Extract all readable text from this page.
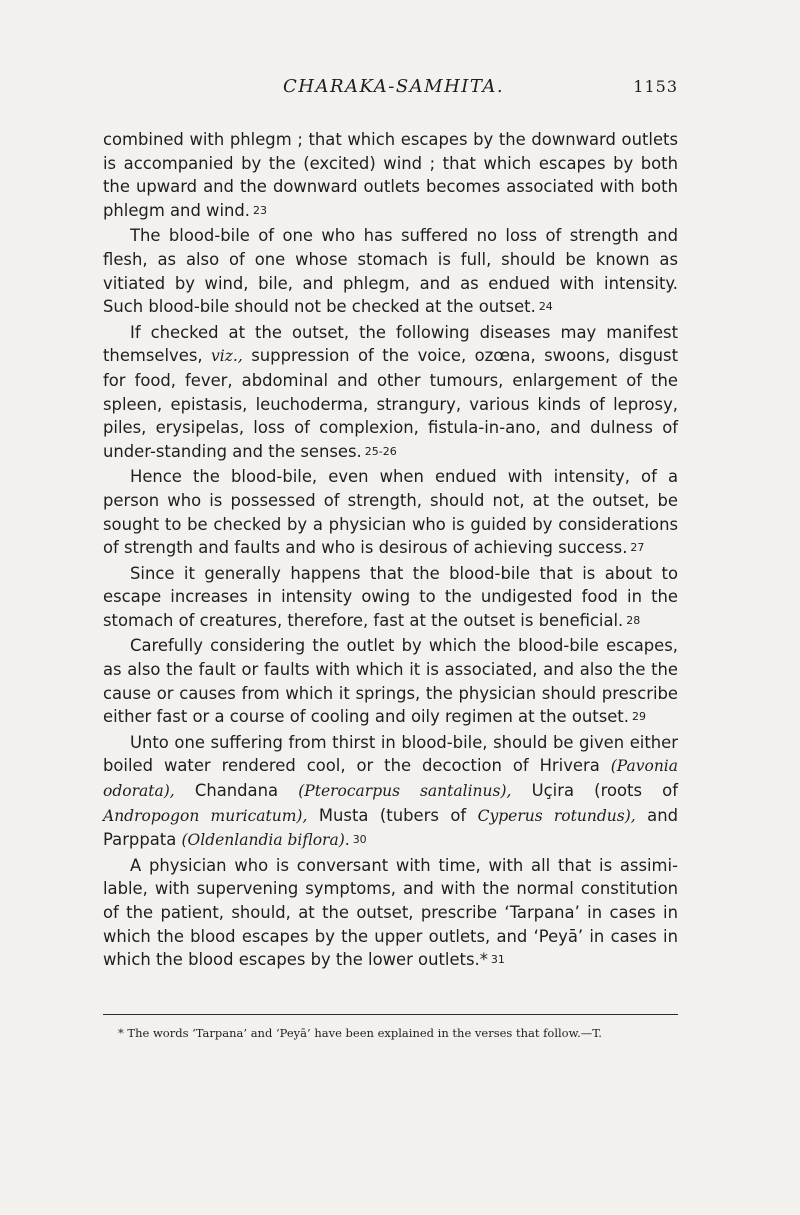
CHARAKA-SAMHITA.	1153

combined with phlegm ; that which escapes by the downward outlets is accompanied by the (excited) wind ; that which escapes by both the upward and the downward outlets becomes associated with both phlegm and wind. 23

The blood-bile of one who has suffered no loss of strength and flesh, as also of one whose stomach is full, should be known as vitiated by wind, bile, and phlegm, and as endued with intensity. Such blood-bile should not be checked at the outset. 24

If checked at the outset, the following diseases may manifest themselves, viz., suppression of the voice, ozœna, swoons, disgust for food, fever, abdominal and other tumours, enlargement of the spleen, epistasis, leuchoderma, strangury, various kinds of leprosy, piles, erysipelas, loss of complexion, fistula-in-ano, and dulness of under-standing and the senses. 25-26

Hence the blood-bile, even when endued with intensity, of a person who is possessed of strength, should not, at the outset, be sought to be checked by a physician who is guided by considerations of strength and faults and who is desirous of achieving success. 27

Since it generally happens that the blood-bile that is about to escape increases in intensity owing to the undigested food in the stomach of creatures, therefore, fast at the outset is beneficial. 28

Carefully considering the outlet by which the blood-bile escapes, as also the fault or faults with which it is associated, and also the the cause or causes from which it springs, the physician should prescribe either fast or a course of cooling and oily regimen at the outset. 29

Unto one suffering from thirst in blood-bile, should be given either boiled water rendered cool, or the decoction of Hrivera (Pavonia odorata), Chandana (Pterocarpus santalinus), Uçira (roots of Andropogon muricatum), Musta (tubers of Cyperus rotundus), and Parppata (Oldenlandia biflora). 30

A physician who is conversant with time, with all that is assimi-lable, with supervening symptoms, and with the normal constitution of the patient, should, at the outset, prescribe ‘Tarpana’ in cases in which the blood escapes by the upper outlets, and ‘Peyā’ in cases in which the blood escapes by the lower outlets.* 31

* The words ‘Tarpana’ and ‘Peyā’ have been explained in the verses that follow.—T.
